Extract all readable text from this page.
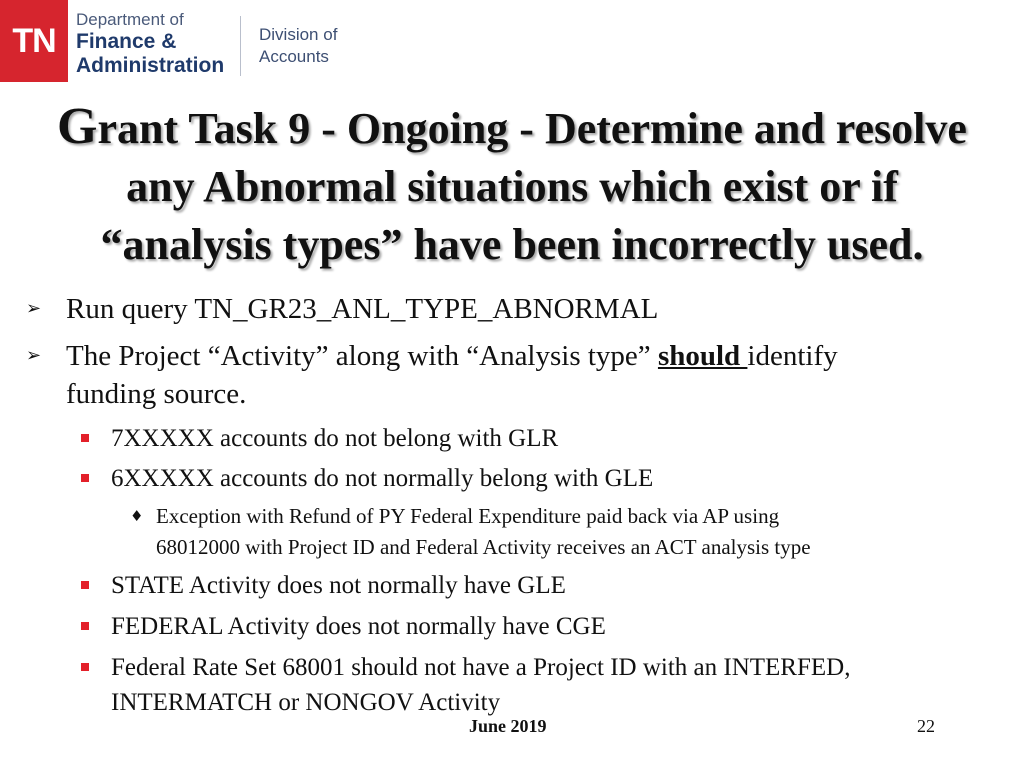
TN
Department of
Finance &
Administration
Division of
Accounts
Grant Task 9 - Ongoing - Determine and resolve
any Abnormal situations which exist or if
“analysis types” have been incorrectly used.
➢ Run query TN_GR23_ANL_TYPE_ABNORMAL
➢ The Project “Activity” along with “Analysis type” should identify
funding source.
7XXXXX accounts do not belong with GLR
6XXXXX accounts do not normally belong with GLE
♦ Exception with Refund of PY Federal Expenditure paid back via AP using
68012000 with Project ID and Federal Activity receives an ACT analysis type
STATE Activity does not normally have GLE
FEDERAL Activity does not normally have CGE
Federal Rate Set 68001 should not have a Project ID with an INTERFED,
INTERMATCH or NONGOV Activity
June 2019	22
